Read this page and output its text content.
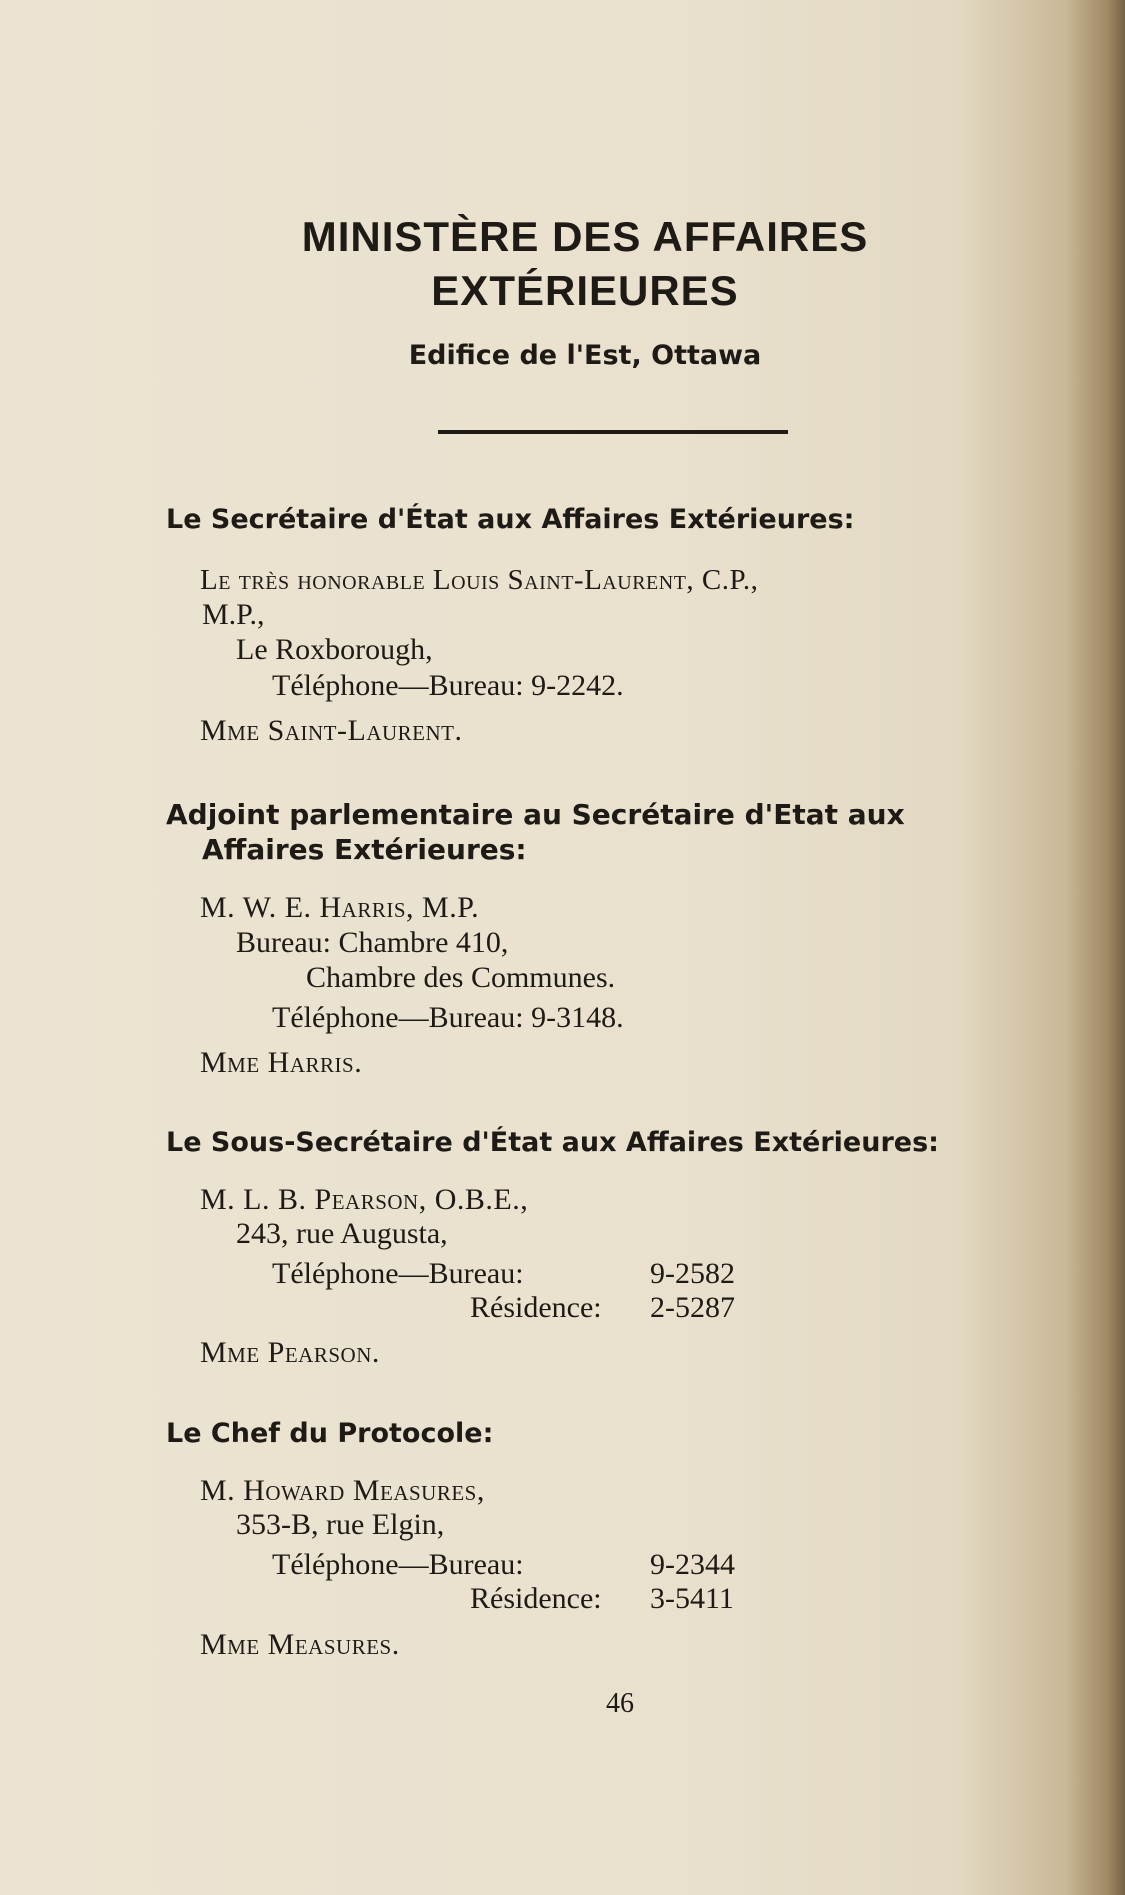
MINISTÈRE DES AFFAIRES
EXTÉRIEURES
Edifice de l'Est, Ottawa
Le Secrétaire d'État aux Affaires Extérieures:
Le très honorable Louis Saint-Laurent, C.P.,
M.P.,
Le Roxborough,
Téléphone—Bureau: 9-2242.
Mme Saint-Laurent.
Adjoint parlementaire au Secrétaire d'Etat aux
Affaires Extérieures:
M. W. E. Harris, M.P.
Bureau: Chambre 410,
Chambre des Communes.
Téléphone—Bureau: 9-3148.
Mme Harris.
Le Sous-Secrétaire d'État aux Affaires Extérieures:
M. L. B. Pearson, O.B.E.,
243, rue Augusta,
Téléphone—Bureau:	9-2582
Résidence: 2-5287
Mme Pearson.
Le Chef du Protocole:
M. Howard Measures,
353-B, rue Elgin,
Téléphone—Bureau:	9-2344
Résidence: 3-5411
Mme Measures.
46
